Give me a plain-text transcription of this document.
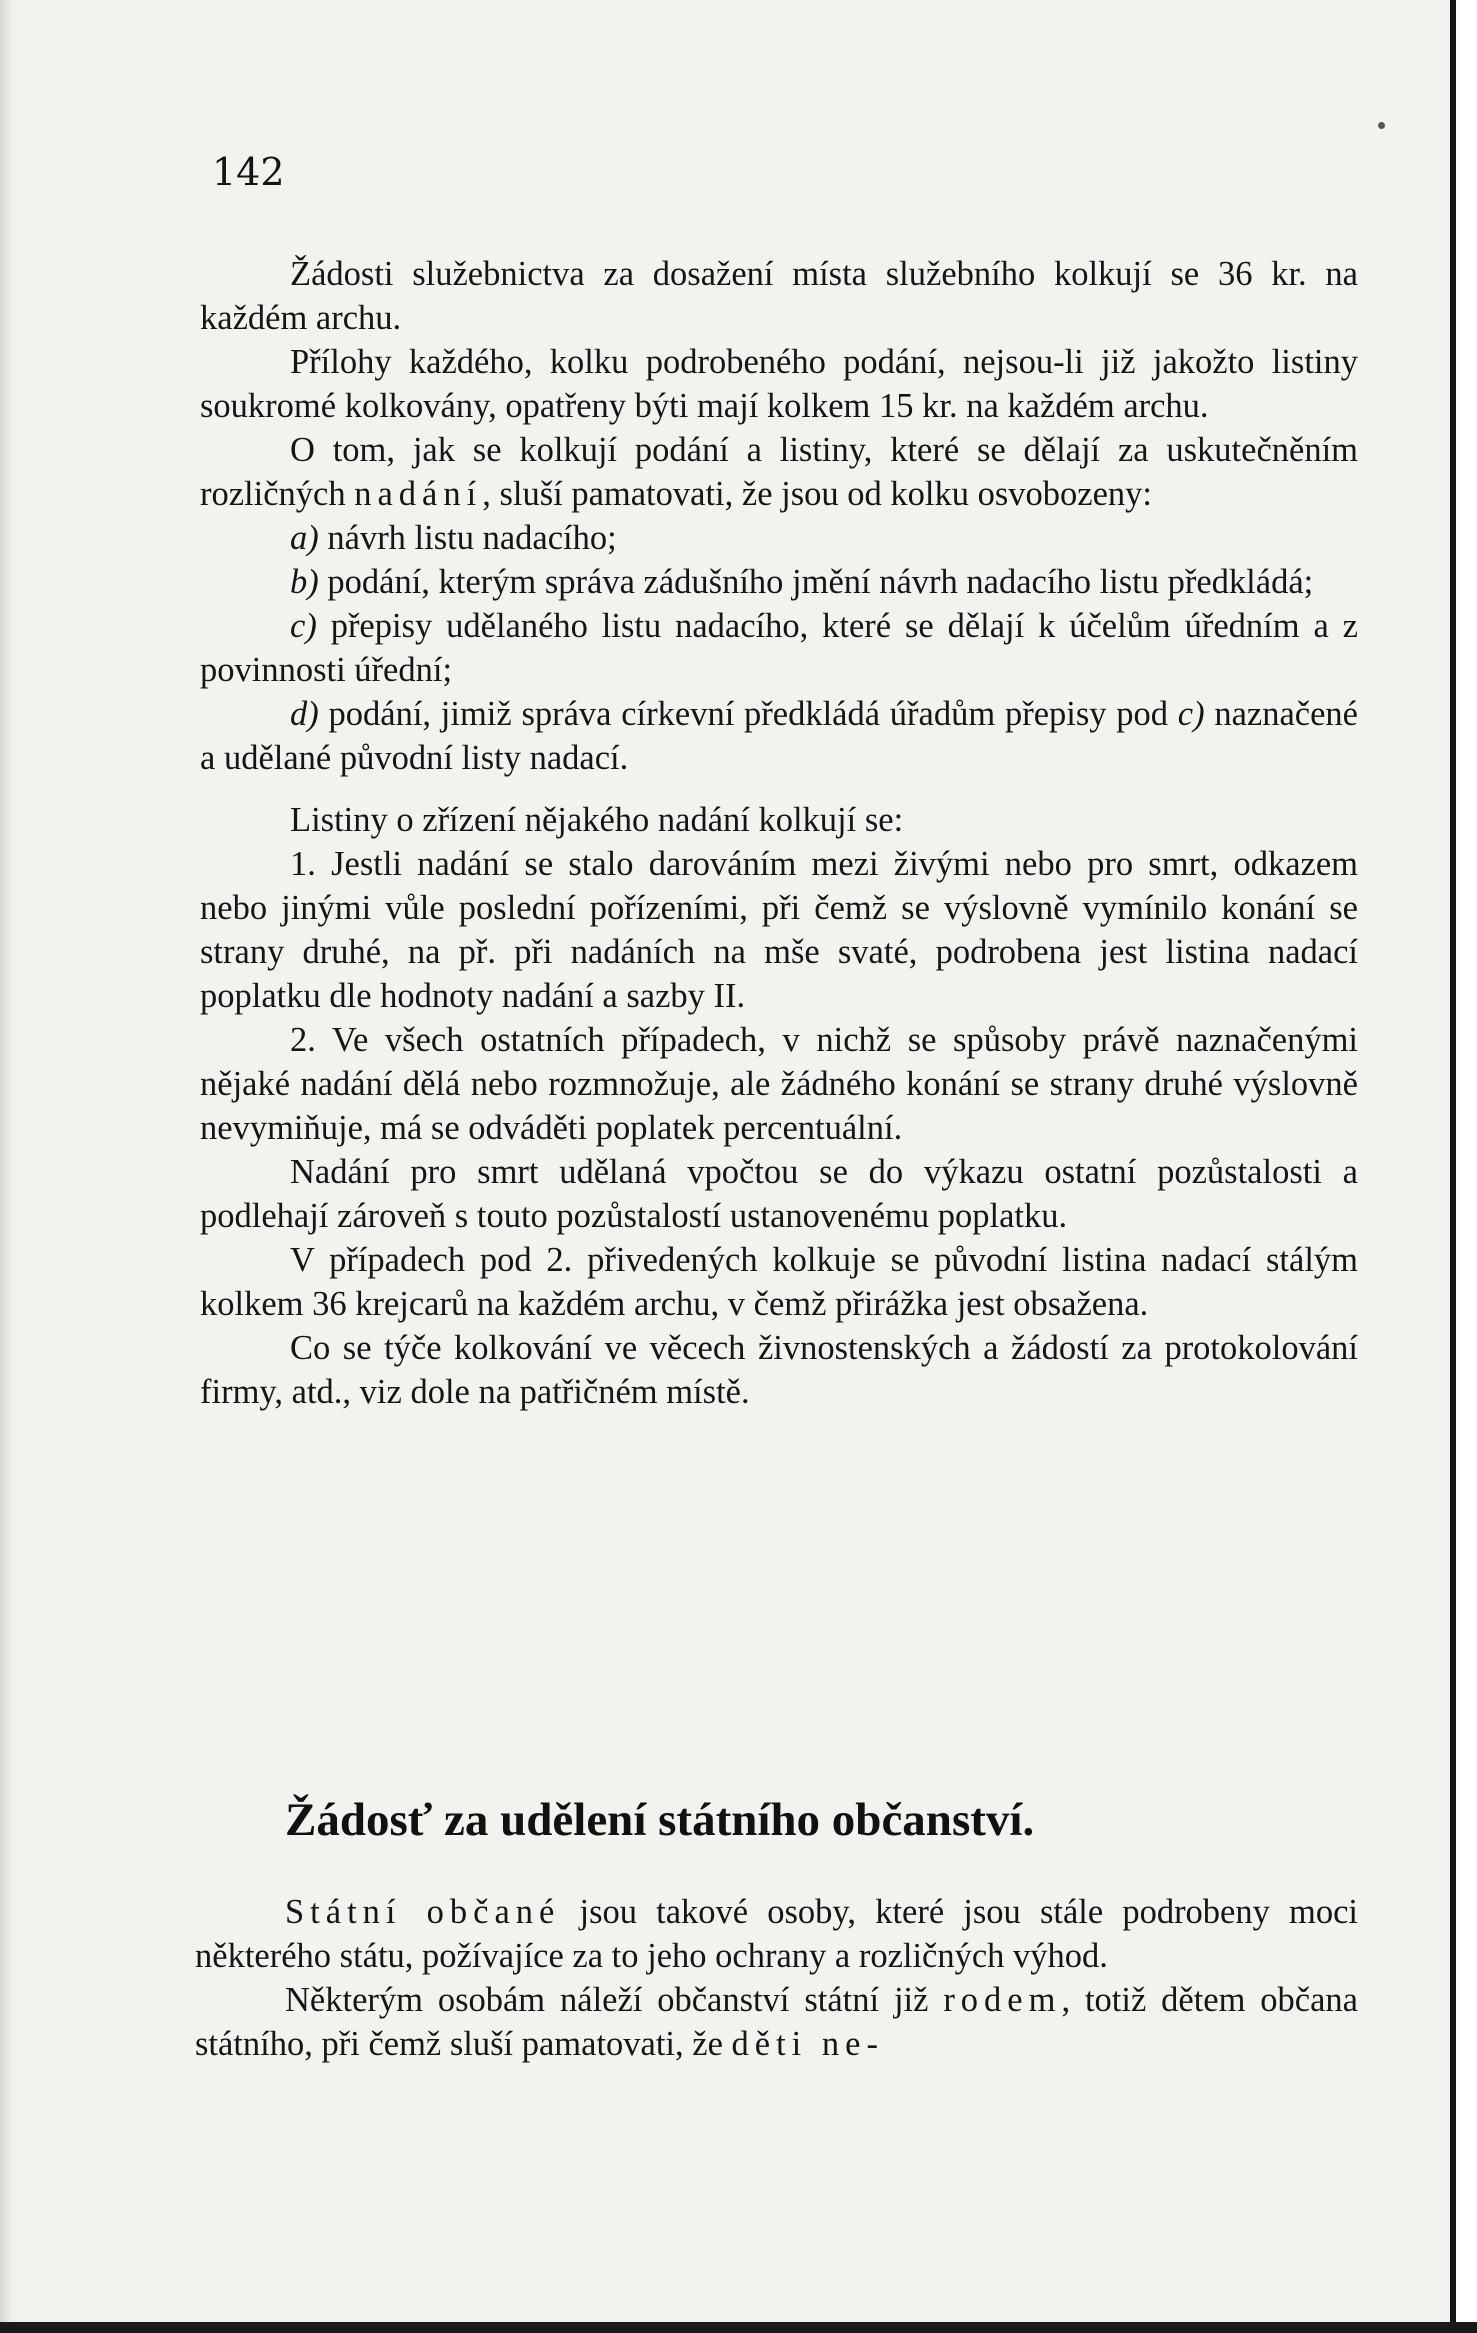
142

Žádosti služebnictva za dosažení místa služebního kolkují se 36 kr. na každém archu.

Přílohy každého, kolku podrobeného podání, nejsou-li již jakožto listiny soukromé kolkovány, opatřeny býti mají kolkem 15 kr. na každém archu.

O tom, jak se kolkují podání a listiny, které se dělají za uskutečněním rozličných nadání, sluší pamatovati, že jsou od kolku osvobozeny:

a) návrh listu nadacího;

b) podání, kterým správa zádušního jmění návrh nadacího listu předkládá;

c) přepisy udělaného listu nadacího, které se dělají k účelům úředním a z povinnosti úřední;

d) podání, jimiž správa církevní předkládá úřadům přepisy pod c) naznačené a udělané původní listy nadací.

Listiny o zřízení nějakého nadání kolkují se:

1. Jestli nadání se stalo darováním mezi živými nebo pro smrt, odkazem nebo jinými vůle poslední pořízeními, při čemž se výslovně vymínilo konání se strany druhé, na př. při nadáních na mše svaté, podrobena jest listina nadací poplatku dle hodnoty nadání a sazby II.

2. Ve všech ostatních případech, v nichž se spůsoby právě naznačenými nějaké nadání dělá nebo rozmnožuje, ale žádného konání se strany druhé výslovně nevymiňuje, má se odváděti poplatek percentuální.

Nadání pro smrt udělaná vpočtou se do výkazu ostatní pozůstalosti a podlehají zároveň s touto pozůstalostí ustanovenému poplatku.

V případech pod 2. přivedených kolkuje se původní listina nadací stálým kolkem 36 krejcarů na každém archu, v čemž přirážka jest obsažena.

Co se týče kolkování ve věcech živnostenských a žádostí za protokolování firmy, atd., viz dole na patřičném místě.

Žádosť za udělení státního občanství.

Státní občané jsou takové osoby, které jsou stále podrobeny moci některého státu, požívajíce za to jeho ochrany a rozličných výhod.

Některým osobám náleží občanství státní již rodem, totiž dětem občana státního, při čemž sluší pamatovati, že děti ne-
